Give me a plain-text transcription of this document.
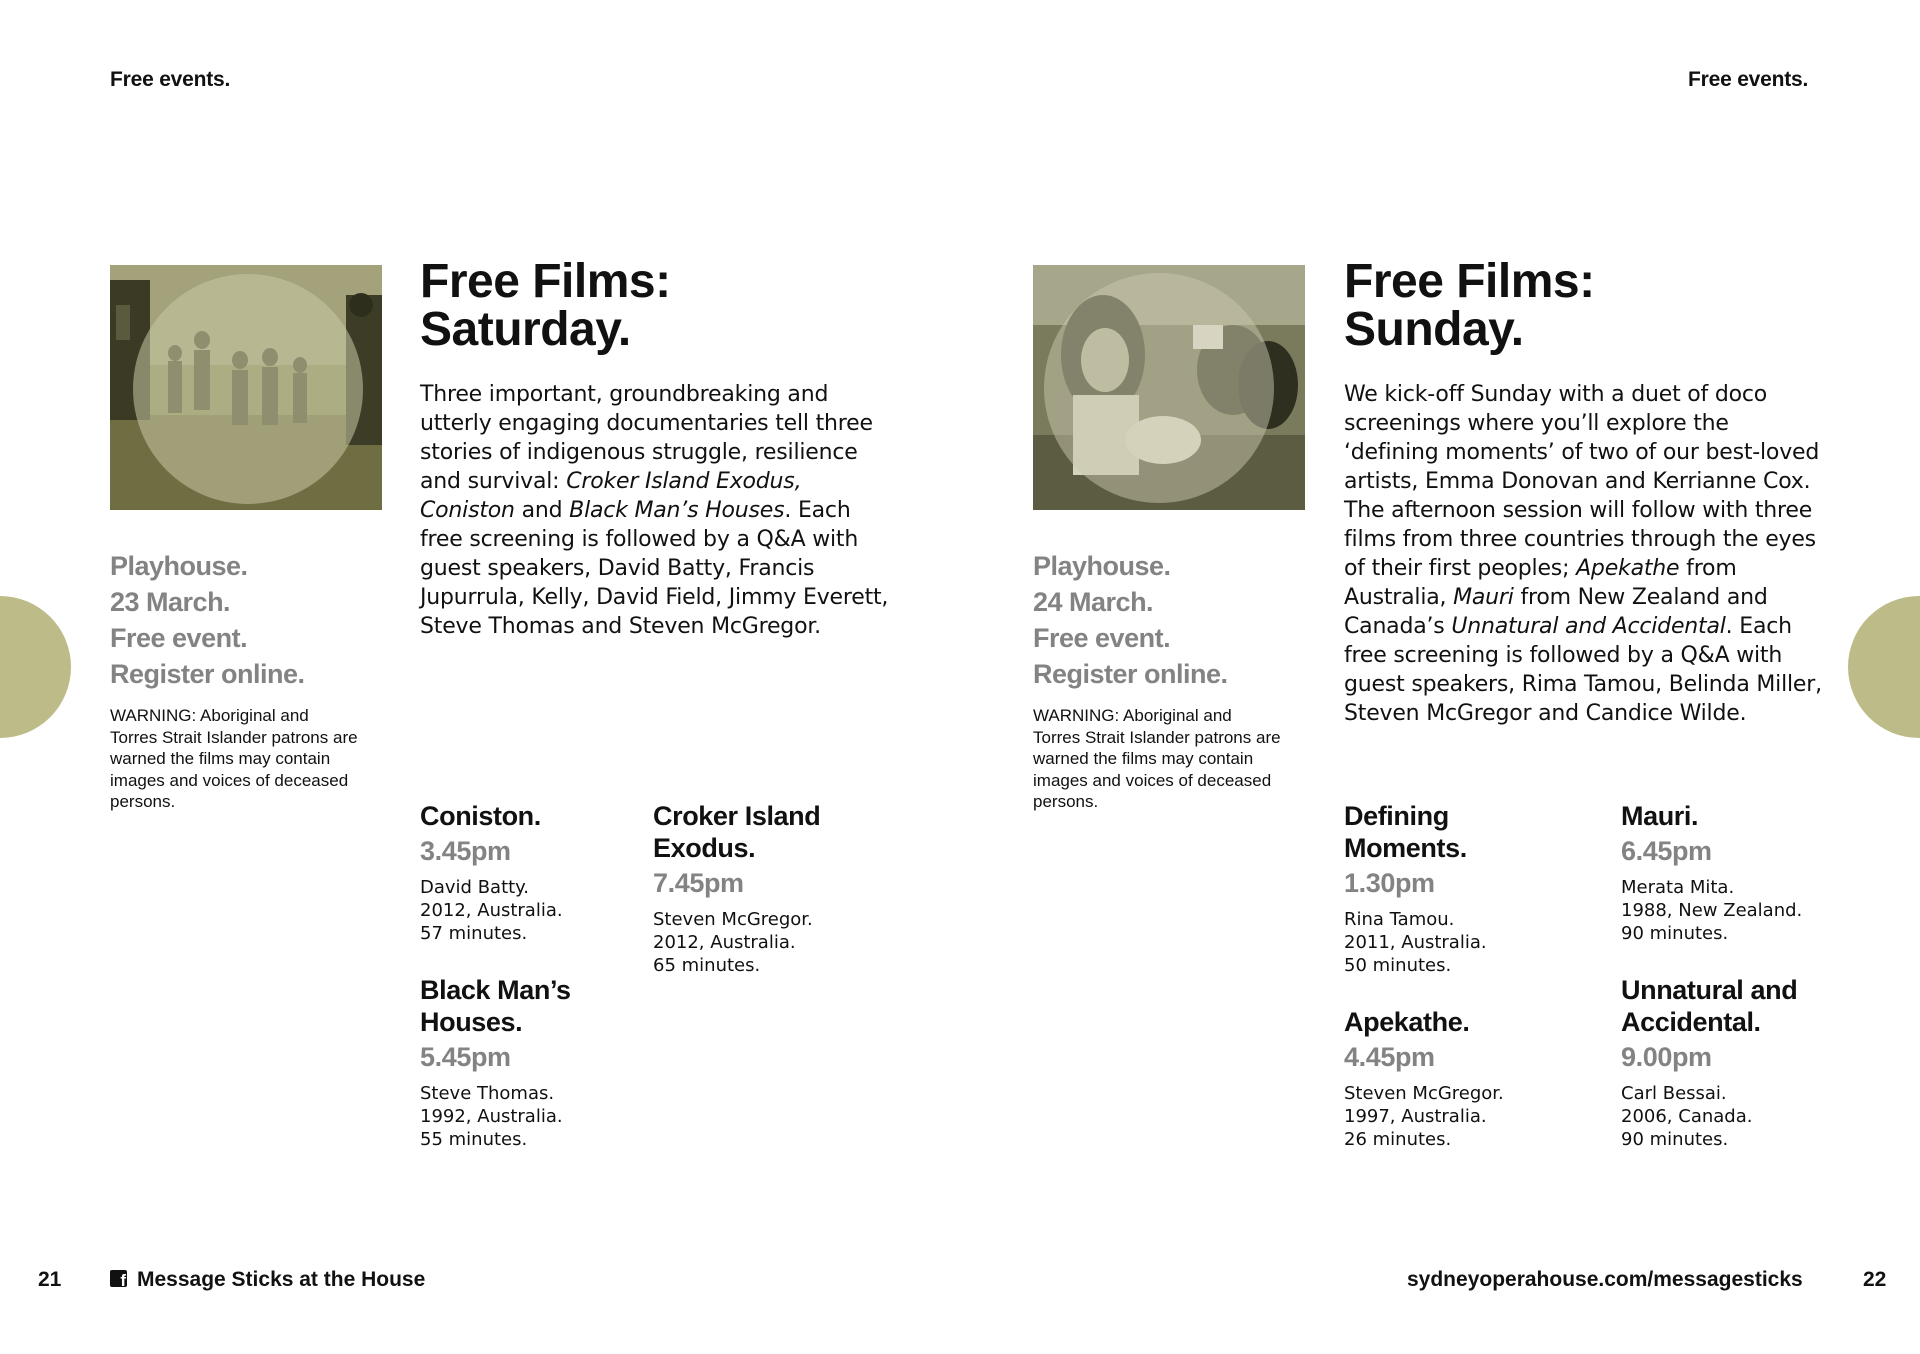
Free events.	Free events.
Playhouse.
23 March.
Free event.
Register online.
WARNING: Aboriginal and Torres Strait Islander patrons are warned the films may contain images and voices of deceased persons.
Free Films:
Saturday.
Three important, groundbreaking and utterly engaging documentaries tell three stories of indigenous struggle, resilience and survival: Croker Island Exodus, Coniston and Black Man’s Houses. Each free screening is followed by a Q&A with guest speakers, David Batty, Francis Jupurrula, Kelly, David Field, Jimmy Everett, Steve Thomas and Steven McGregor.
Coniston.
3.45pm
David Batty.
2012, Australia.
57 minutes.
Croker Island Exodus.
7.45pm
Steven McGregor.
2012, Australia.
65 minutes.
Black Man’s Houses.
5.45pm
Steve Thomas.
1992, Australia.
55 minutes.
Playhouse.
24 March.
Free event.
Register online.
WARNING: Aboriginal and Torres Strait Islander patrons are warned the films may contain images and voices of deceased persons.
Free Films:
Sunday.
We kick-off Sunday with a duet of doco screenings where you’ll explore the ‘defining moments’ of two of our best-loved artists, Emma Donovan and Kerrianne Cox. The afternoon session will follow with three films from three countries through the eyes of their first peoples; Apekathe from Australia, Mauri from New Zealand and Canada’s Unnatural and Accidental. Each free screening is followed by a Q&A with guest speakers, Rima Tamou, Belinda Miller, Steven McGregor and Candice Wilde.
Defining Moments.
1.30pm
Rina Tamou.
2011, Australia.
50 minutes.
Mauri.
6.45pm
Merata Mita.
1988, New Zealand.
90 minutes.
Apekathe.
4.45pm
Steven McGregor.
1997, Australia.
26 minutes.
Unnatural and Accidental.
9.00pm
Carl Bessai.
2006, Canada.
90 minutes.
21	f Message Sticks at the House	sydneyoperahouse.com/messagesticks	22
